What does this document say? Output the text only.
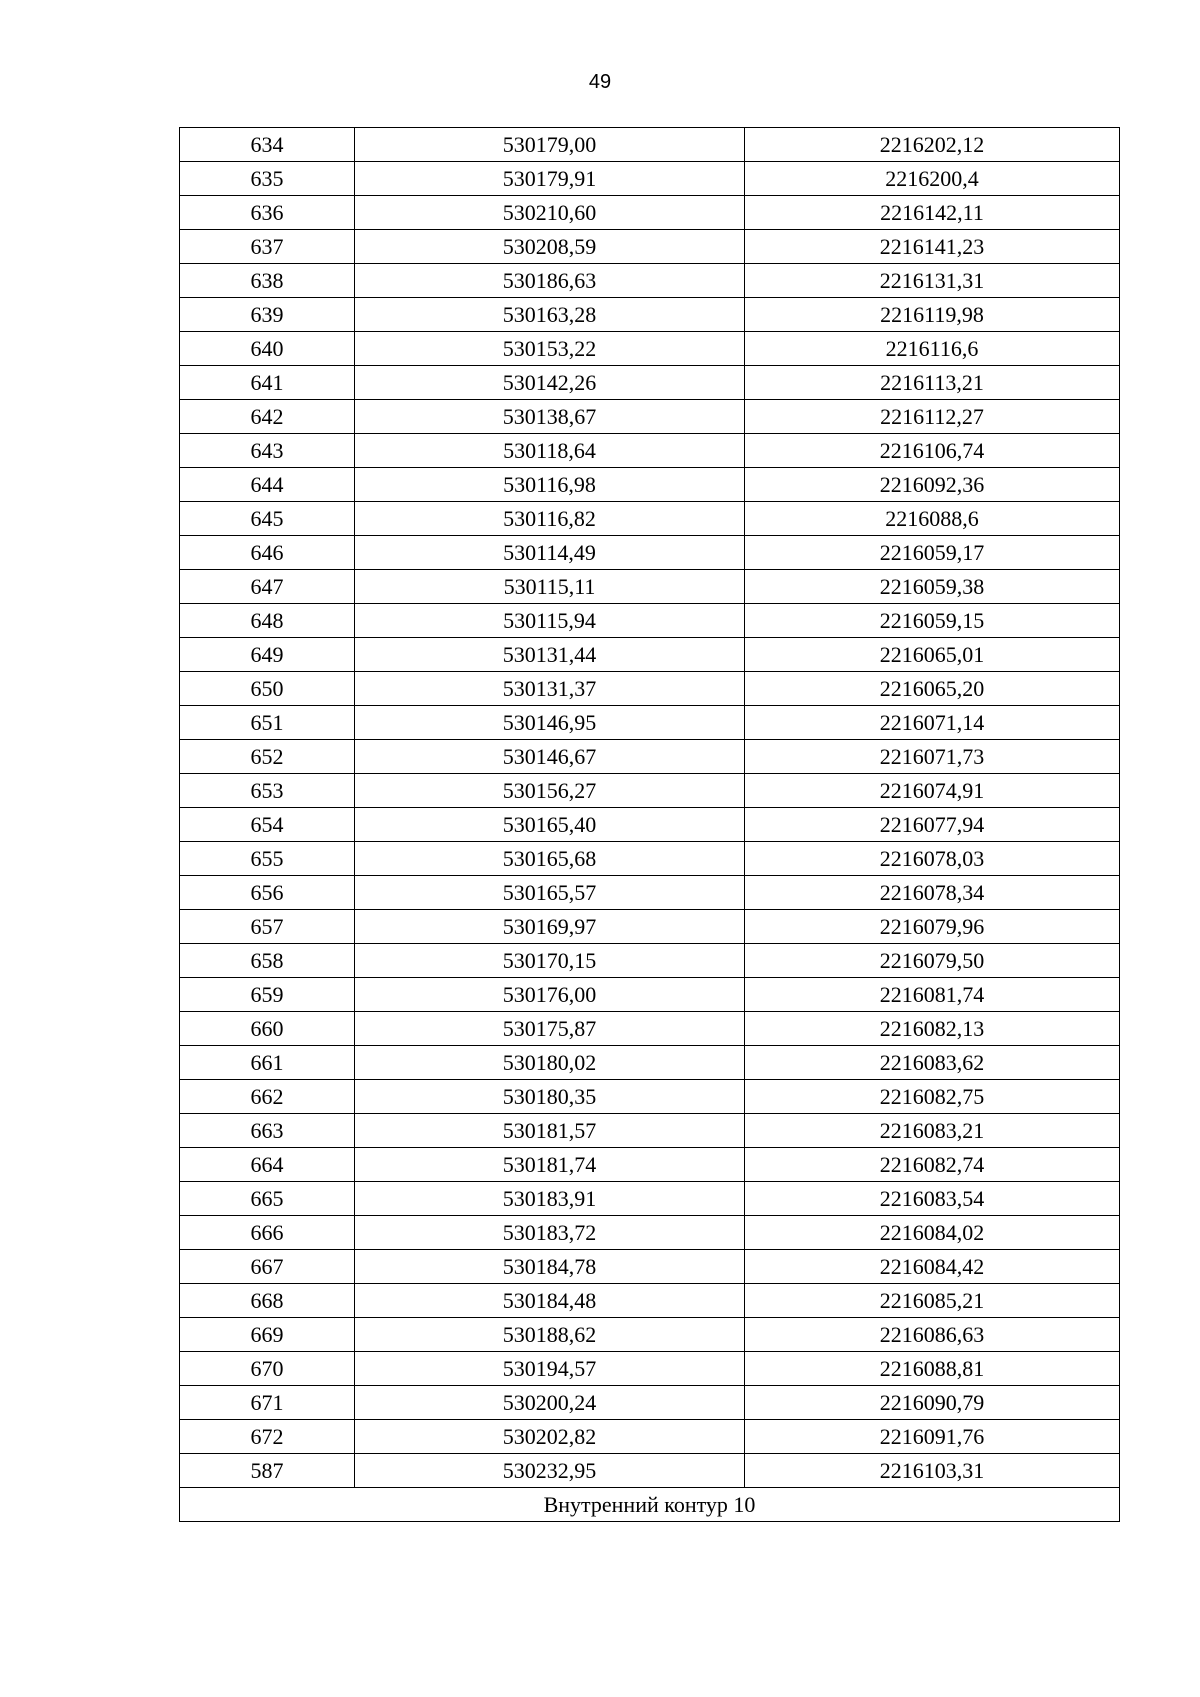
49
634	530179,00	2216202,12
635	530179,91	2216200,4
636	530210,60	2216142,11
637	530208,59	2216141,23
638	530186,63	2216131,31
639	530163,28	2216119,98
640	530153,22	2216116,6
641	530142,26	2216113,21
642	530138,67	2216112,27
643	530118,64	2216106,74
644	530116,98	2216092,36
645	530116,82	2216088,6
646	530114,49	2216059,17
647	530115,11	2216059,38
648	530115,94	2216059,15
649	530131,44	2216065,01
650	530131,37	2216065,20
651	530146,95	2216071,14
652	530146,67	2216071,73
653	530156,27	2216074,91
654	530165,40	2216077,94
655	530165,68	2216078,03
656	530165,57	2216078,34
657	530169,97	2216079,96
658	530170,15	2216079,50
659	530176,00	2216081,74
660	530175,87	2216082,13
661	530180,02	2216083,62
662	530180,35	2216082,75
663	530181,57	2216083,21
664	530181,74	2216082,74
665	530183,91	2216083,54
666	530183,72	2216084,02
667	530184,78	2216084,42
668	530184,48	2216085,21
669	530188,62	2216086,63
670	530194,57	2216088,81
671	530200,24	2216090,79
672	530202,82	2216091,76
587	530232,95	2216103,31
Внутренний контур 10		
